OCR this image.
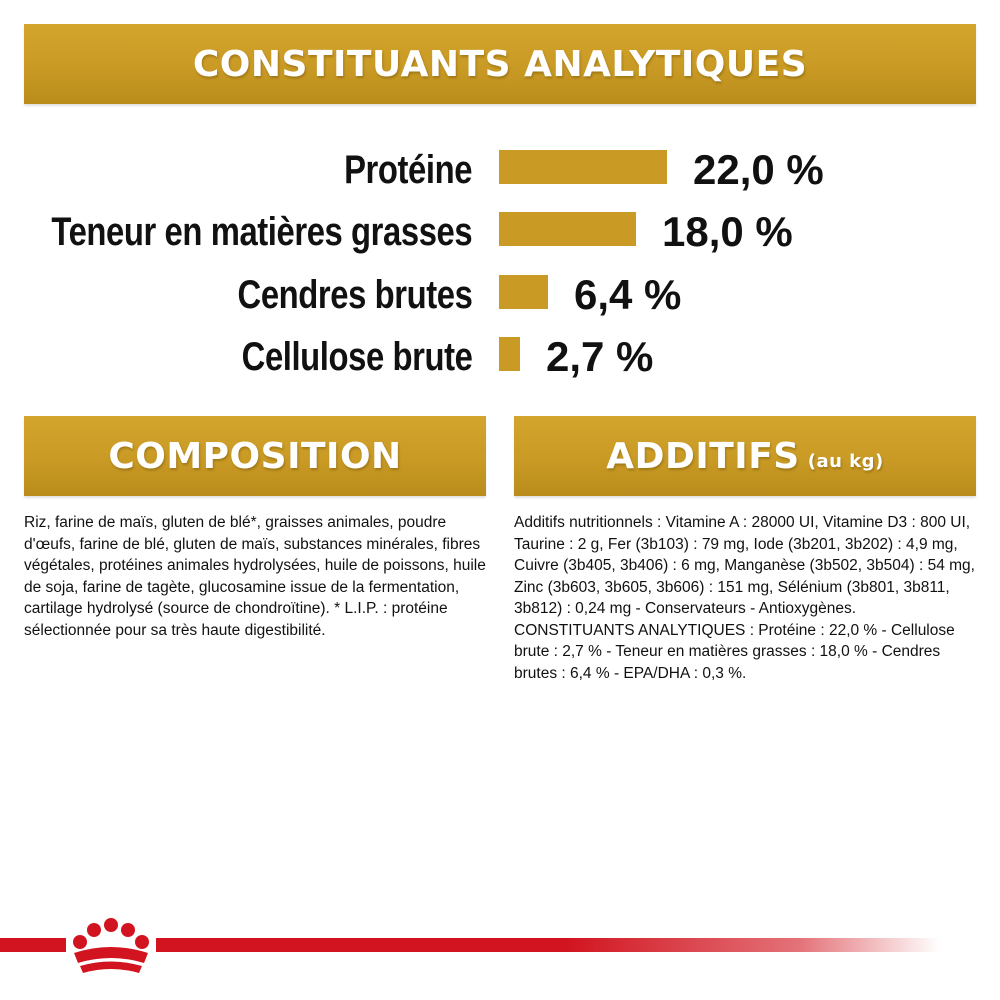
CONSTITUANTS ANALYTIQUES
Protéine	22,0 %
Teneur en matières grasses	18,0 %
Cendres brutes 6,4 %
Cellulose brute 2,7 %
COMPOSITION	ADDITIFS (au kg)
Riz, farine de maïs, gluten de blé*, graisses animales, poudre d'œufs, farine de blé, gluten de maïs, substances minérales, fibres végétales, protéines animales hydrolysées, huile de poissons, huile de soja, farine de tagète, glucosamine issue de la fermentation, cartilage hydrolysé (source de chondroïtine). * L.I.P. : protéine sélectionnée pour sa très haute digestibilité.
Additifs nutritionnels : Vitamine A : 28000 UI, Vitamine D3 : 800 UI, Taurine : 2 g, Fer (3b103) : 79 mg, Iode (3b201, 3b202) : 4,9 mg, Cuivre (3b405, 3b406) : 6 mg, Manganèse (3b502, 3b504) : 54 mg, Zinc (3b603, 3b605, 3b606) : 151 mg, Sélénium (3b801, 3b811, 3b812) : 0,24 mg - Conservateurs - Antioxygènes. CONSTITUANTS ANALYTIQUES : Protéine : 22,0 % - Cellulose brute : 2,7 % - Teneur en matières grasses : 18,0 % - Cendres brutes : 6,4 % - EPA/DHA : 0,3 %.
